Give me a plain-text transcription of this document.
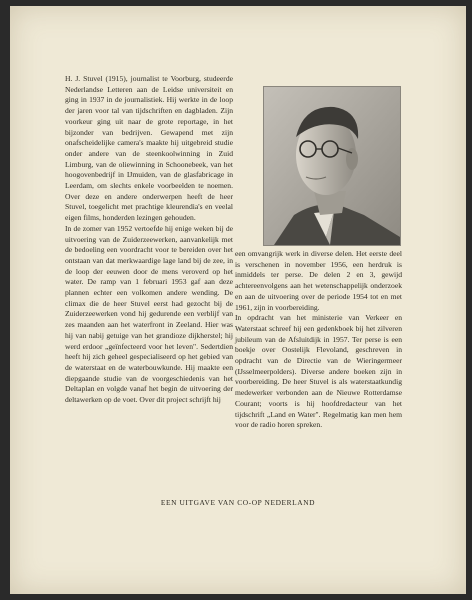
H. J. Stuvel (1915), journalist te Voorburg, studeerde Nederlandse Letteren aan de Leidse universiteit en ging in 1937 in de journalistiek. Hij werkte in de loop der jaren voor tal van tijdschriften en dagbladen. Zijn voorkeur ging uit naar de grote reportage, in het bijzonder van bedrijven. Gewapend met zijn onafscheidelijke camera's maakte hij uitgebreid studie onder andere van de steenkoolwinning in Zuid Limburg, van de oliewinning in Schoonebeek, van het hoogovenbedrijf in IJmuiden, van de glasfabricage in Leerdam, om slechts enkele voorbeelden te noemen. Over deze en andere onderwerpen heeft de heer Stuvel, toegelicht met prachtige kleurendia's en veelal eigen films, honderden lezingen gehouden.

In de zomer van 1952 vertoefde hij enige weken bij de uitvoering van de Zuiderzeewerken, aanvankelijk met de bedoeling een voordracht voor te bereiden over het ontstaan van dat merkwaardige lage land bij de zee, in de loop der eeuwen door de mens veroverd op het water. De ramp van 1 februari 1953 gaf aan deze plannen echter een volkomen andere wending. De climax die de heer Stuvel eerst had gezocht bij de Zuiderzeewerken vond hij gedurende een verblijf van zes maanden aan het waterfront in Zeeland. Hier was hij van nabij getuige van het grandioze dijkherstel; hij werd erdoor „geïnfecteerd voor het leven". Sedertdien heeft hij zich geheel gespecialiseerd op het gebied van de waterstaat en de waterbouwkunde. Hij maakte een diepgaande studie van de voorgeschiedenis van het Deltaplan en volgde vanaf het begin de uitvoering der deltawerken op de voet. Over dit project schrijft hij

een omvangrijk werk in diverse delen. Het eerste deel is verschenen in november 1956, een herdruk is inmiddels ter perse. De delen 2 en 3, gewijd achtereenvolgens aan het wetenschappelijk onderzoek en aan de uitvoering over de periode 1954 tot en met 1961, zijn in voorbereiding.

In opdracht van het ministerie van Verkeer en Waterstaat schreef hij een gedenkboek bij het zilveren jubileum van de Afsluitdijk in 1957. Ter perse is een boekje over Oostelijk Flevoland, geschreven in opdracht van de Directie van de Wieringermeer (IJsselmeerpolders). Diverse andere boeken zijn in voorbereiding. De heer Stuvel is als waterstaatkundig medewerker verbonden aan de Nieuwe Rotterdamse Courant; voorts is hij hoofdredacteur van het tijdschrift „Land en Water". Regelmatig kan men hem voor de radio horen spreken.

EEN UITGAVE VAN CO-OP NEDERLAND
